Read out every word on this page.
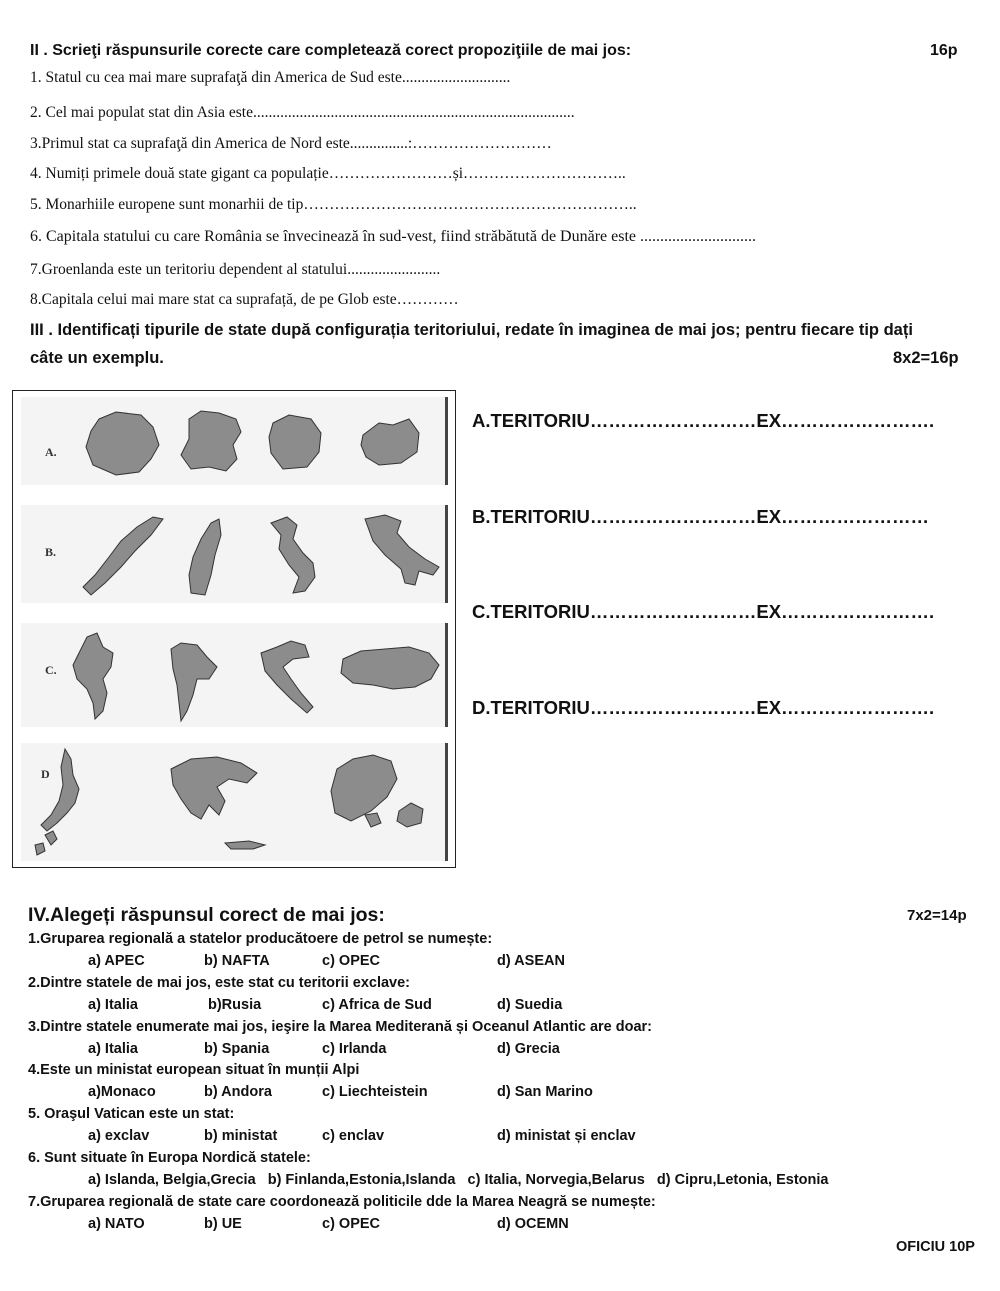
II . Scrieţi răspunsurile corecte care completează corect propoziţiile de mai jos:	16p
1. Statul cu cea mai mare suprafaţă din America de Sud este............................
2. Cel mai populat stat din Asia este...................................................................................
3.Primul stat ca suprafaţă din America de Nord este...............:………………………
4. Numiți primele două state gigant ca populație……………………și…………………………..
5. Monarhiile europene sunt monarhii de tip………………………………………………………..
6. Capitala statului cu care România se învecinează în sud-vest, fiind străbătută de Dunăre este .............................
7.Groenlanda este un teritoriu dependent al statului........................
8.Capitala celui mai mare stat ca suprafață, de pe Glob este…………
III . Identificați tipurile de state după configurația teritoriului, redate în imaginea de mai jos; pentru fiecare tip dați
câte un exemplu.	8x2=16p
A.
B.
C.
D
A.TERITORIU………………………EX…………………….
B.TERITORIU………………………EX……………………
C.TERITORIU………………………EX…………………….
D.TERITORIU………………………EX…………………….
IV.Alegeți răspunsul corect de mai jos:	7x2=14p
1.Gruparea regională a statelor producătoere de petrol se numește:
a) APEC	b) NAFTA	c) OPEC	d) ASEAN
2.Dintre statele de mai jos, este stat cu teritorii exclave:
a) Italia	b)Rusia	c) Africa de Sud	d) Suedia
3.Dintre statele enumerate mai jos, ieşire la Marea Mediterană și Oceanul Atlantic are doar:
a) Italia	b) Spania	c) Irlanda	d) Grecia
4.Este un ministat european situat în munții Alpi
a)Monaco	b) Andora	c) Liechteistein	d) San Marino
5. Oraşul Vatican este un stat:
a) exclav	b) ministat	c) enclav	d) ministat și enclav
6. Sunt situate în Europa Nordică statele:
a) Islanda, Belgia,Grecia   b) Finlanda,Estonia,Islanda   c) Italia, Norvegia,Belarus   d) Cipru,Letonia, Estonia
7.Gruparea regională de state care coordonează politicile dde la Marea Neagră se numește:
a) NATO	b) UE	c) OPEC	d) OCEMN
OFICIU 10P
